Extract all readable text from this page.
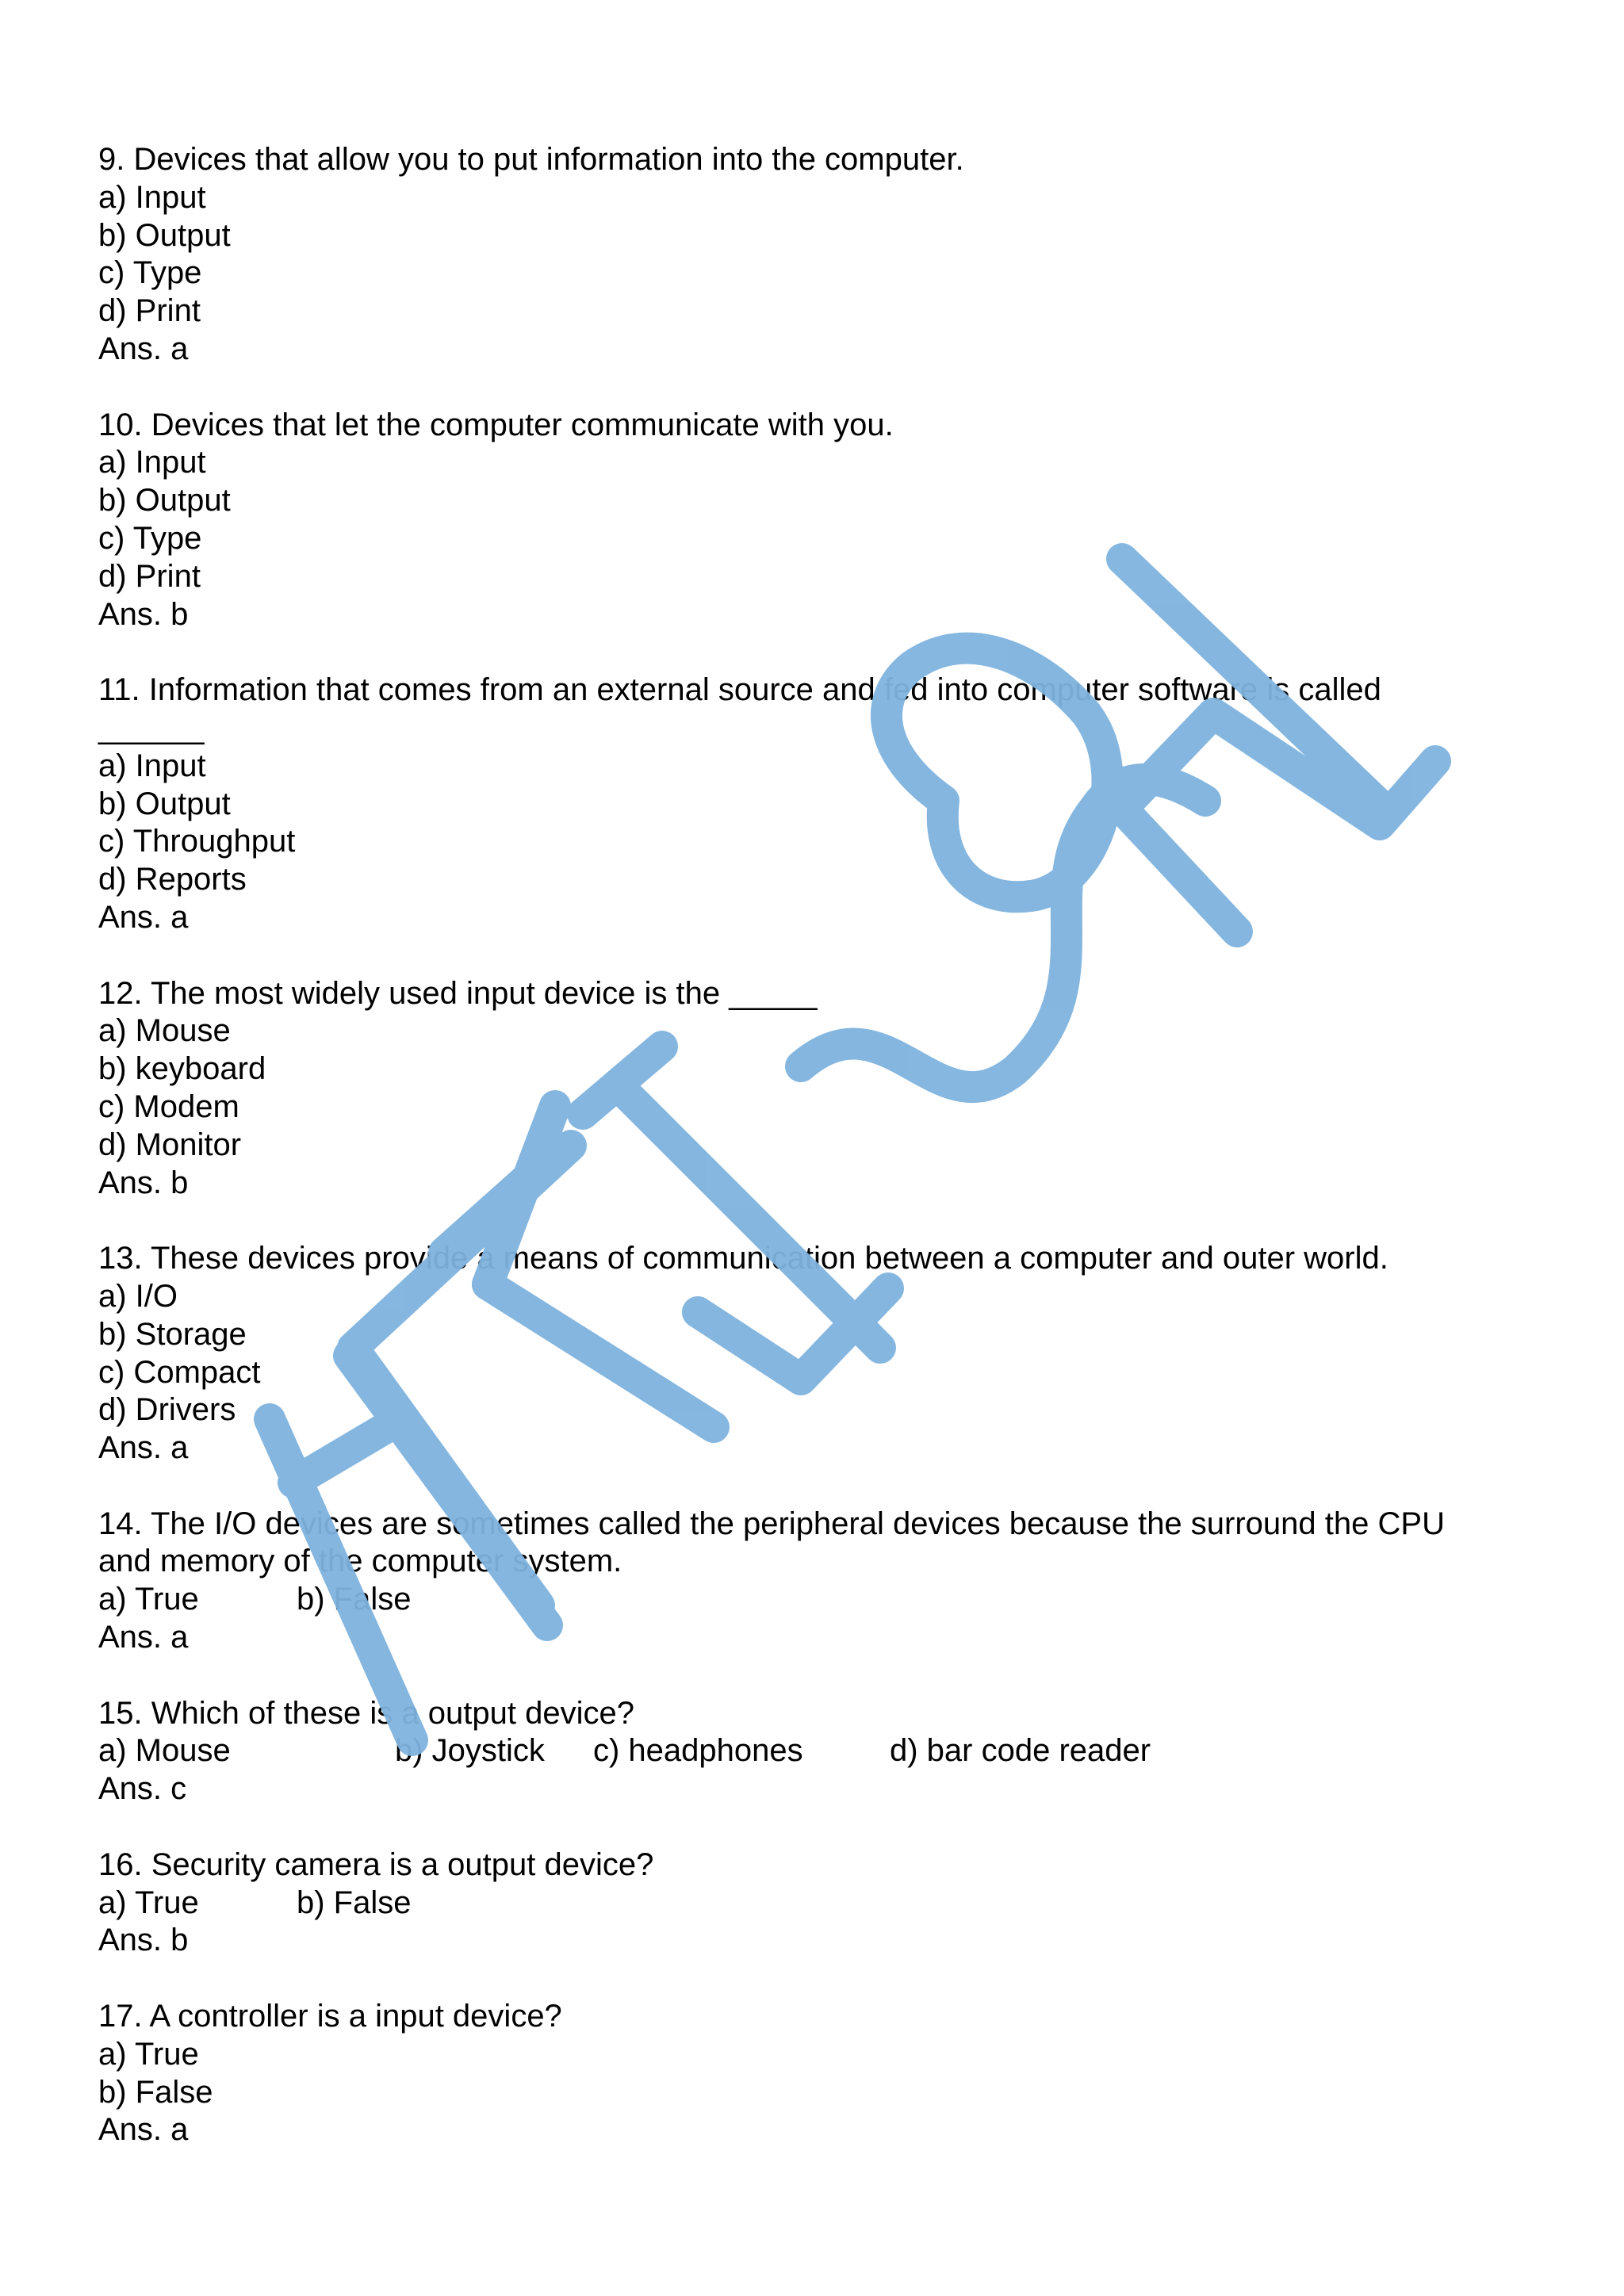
9. Devices that allow you to put information into the computer.
a) Input
b) Output
c) Type
d) Print
Ans. a
10. Devices that let the computer communicate with you.
a) Input
b) Output
c) Type
d) Print
Ans. b
11. Information that comes from an external source and fed into computer software is called
______
a) Input
b) Output
c) Throughput
d) Reports
Ans. a
12. The most widely used input device is the _____
a) Mouse
b) keyboard
c) Modem
d) Monitor
Ans. b
13. These devices provide a means of communication between a computer and outer world.
a) I/O
b) Storage
c) Compact
d) Drivers
Ans. a
14. The I/O devices are sometimes called the peripheral devices because the surround the CPU
and memory of the computer system.
a) True	b) False
Ans. a
15. Which of these is a output device?
a) Mouse	b) Joystick c) headphones	d) bar code reader
Ans. c
16. Security camera is a output device?
a) True	b) False
Ans. b
17. A controller is a input device?
a) True
b) False
Ans. a
